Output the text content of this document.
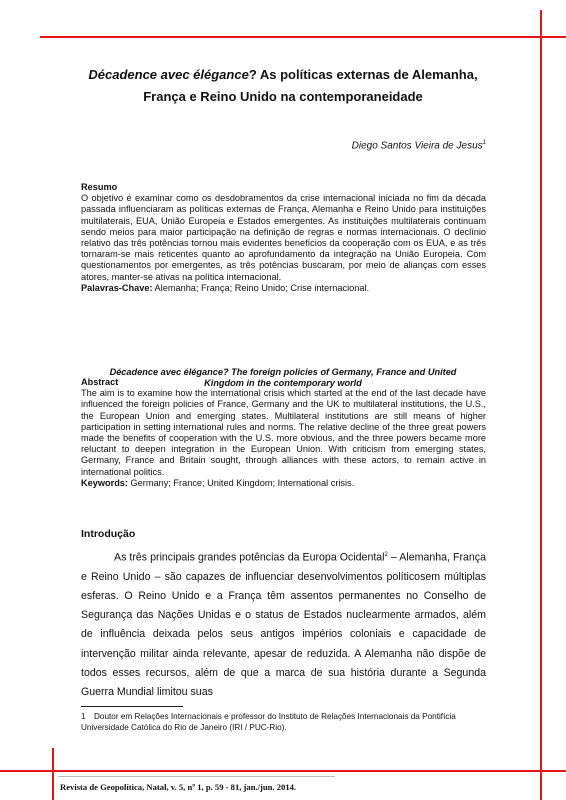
Décadence avec élégance? As políticas externas de Alemanha,
França e Reino Unido na contemporaneidade
Diego Santos Vieira de Jesus$^1$
Resumo
O objetivo é examinar como os desdobramentos da crise internacional iniciada no fim da década passada influenciaram as políticas externas de França, Alemanha e Reino Unido para instituições multilaterais, EUA, União Europeia e Estados emergentes. As instituições multilaterais continuam sendo meios para maior participação na definição de regras e normas internacionais. O declínio relativo das três potências tornou mais evidentes benefícios da cooperação com os EUA, e as três tornaram-se mais reticentes quanto ao aprofundamento da integração na União Europeia. Com questionamentos por emergentes, as três potências buscaram, por meio de alianças com esses atores, manter-se ativas na política internacional.
Palavras-Chave: Alemanha; França; Reino Unido; Crise internacional.
Décadence avec élégance? The foreign policies of Germany, France and United Kingdom in the contemporary world
Abstract
The aim is to examine how the international crisis which started at the end of the last decade have influenced the foreign policies of France, Germany and the UK to multilateral institutions, the U.S., the European Union and emerging states. Multilateral institutions are still means of higher participation in setting international rules and norms. The relative decline of the three great powers made the benefits of cooperation with the U.S. more obvious, and the three powers became more reluctant to deepen integration in the European Union. With criticism from emerging states, Germany, France and Britain sought, through alliances with these actors, to remain active in international politics.
Keywords: Germany; France; United Kingdom; International crisis.
Introdução
As três principais grandes potências da Europa Ocidental$^2$ – Alemanha, França e Reino Unido – são capazes de influenciar desenvolvimentos políticosem múltiplas esferas. O Reino Unido e a França têm assentos permanentes no Conselho de Segurança das Nações Unidas e o status de Estados nuclearmente armados, além de influência deixada pelos seus antigos impérios coloniais e capacidade de intervenção militar ainda relevante, apesar de reduzida. A Alemanha não dispõe de todos esses recursos, além de que a marca de sua história durante a Segunda Guerra Mundial limitou suas
1 Doutor em Relações Internacionais e professor do Instituto de Relações Internacionais da Pontifícia Universidade Católica do Rio de Janeiro (IRI / PUC-Rio).
Revista de Geopolítica, Natal, v. 5, nº 1, p. 59 - 81, jan./jun. 2014.
